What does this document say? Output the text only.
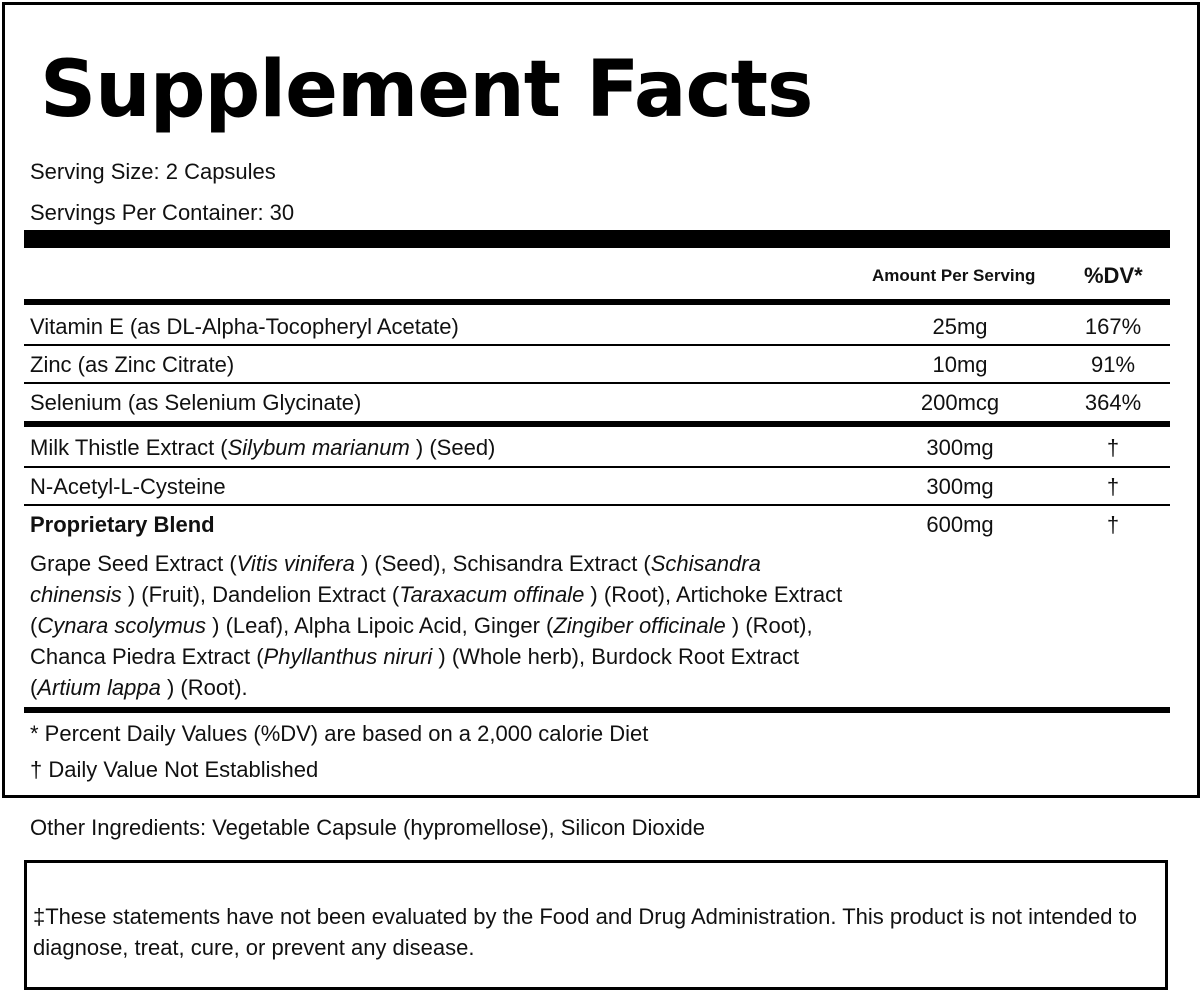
Supplement Facts
Serving Size: 2 Capsules
Servings Per Container: 30
Amount Per Serving %DV*
Vitamin E (as DL-Alpha-Tocopheryl Acetate)	25mg	167%
Zinc (as Zinc Citrate)	10mg	91%
Selenium (as Selenium Glycinate)	200mcg	364%
Milk Thistle Extract (Silybum marianum ) (Seed)	300mg	†
N-Acetyl-L-Cysteine	300mg	†
Proprietary Blend	600mg	†
Grape Seed Extract (Vitis vinifera ) (Seed), Schisandra Extract (Schisandra chinensis ) (Fruit), Dandelion Extract (Taraxacum offinale ) (Root), Artichoke Extract (Cynara scolymus ) (Leaf), Alpha Lipoic Acid, Ginger (Zingiber officinale ) (Root), Chanca Piedra Extract (Phyllanthus niruri ) (Whole herb), Burdock Root Extract (Artium lappa ) (Root).
* Percent Daily Values (%DV) are based on a 2,000 calorie Diet
† Daily Value Not Established
Other Ingredients: Vegetable Capsule (hypromellose), Silicon Dioxide
‡These statements have not been evaluated by the Food and Drug Administration. This product is not intended to diagnose, treat, cure, or prevent any disease.
